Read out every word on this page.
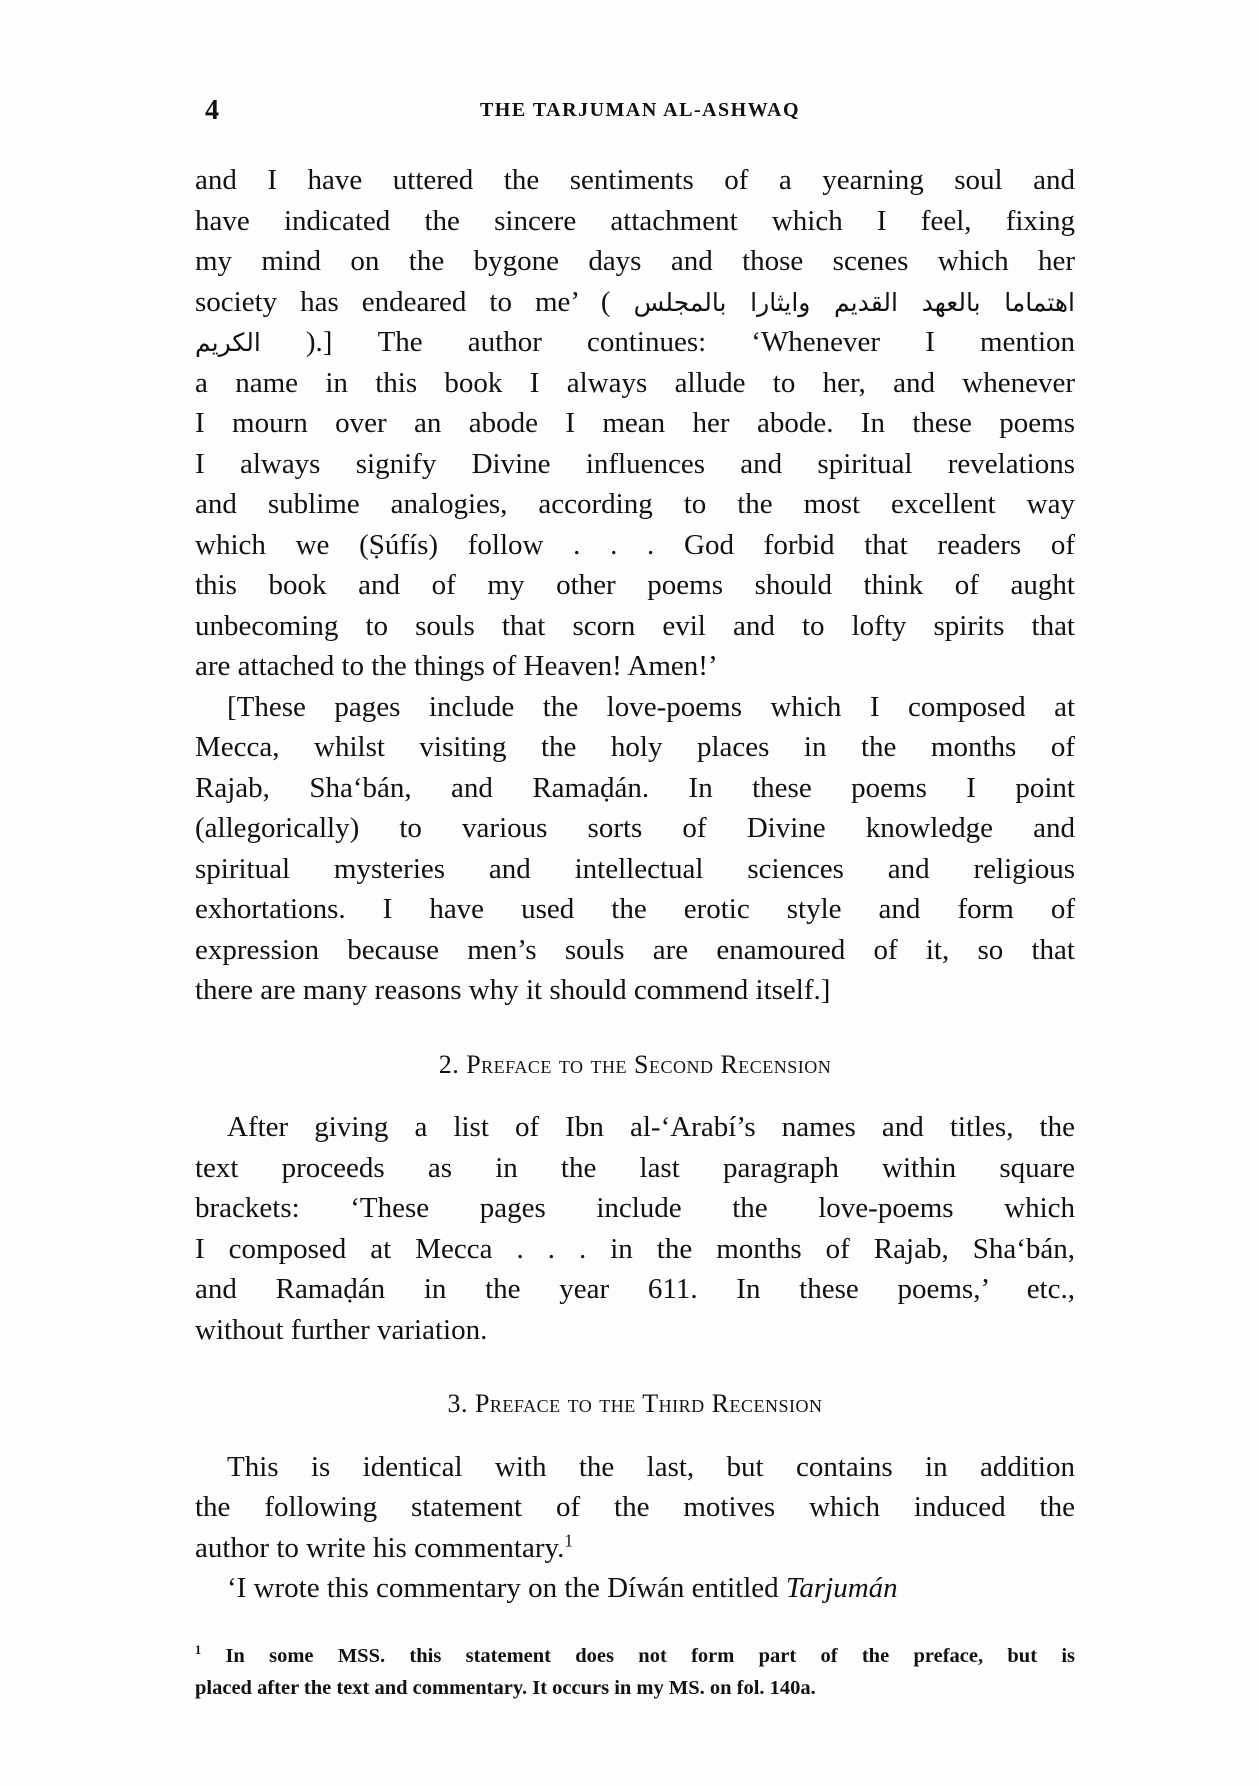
4	THE TARJUMAN AL-ASHWAQ
and I have uttered the sentiments of a yearning soul and
have indicated the sincere attachment which I feel, fixing
my mind on the bygone days and those scenes which her
society has endeared to me’ ( اهتماما بالعهد القديم وايثارا بالمجلس
الكريم ).] The author continues: ‘Whenever I mention
a name in this book I always allude to her, and whenever
I mourn over an abode I mean her abode. In these poems
I always signify Divine influences and spiritual revelations
and sublime analogies, according to the most excellent way
which we (Ṣúfís) follow . . . God forbid that readers of
this book and of my other poems should think of aught
unbecoming to souls that scorn evil and to lofty spirits that
are attached to the things of Heaven! Amen!’
[These pages include the love-poems which I composed at
Mecca, whilst visiting the holy places in the months of
Rajab, Sha‘bán, and Ramaḍán. In these poems I point
(allegorically) to various sorts of Divine knowledge and
spiritual mysteries and intellectual sciences and religious
exhortations. I have used the erotic style and form of
expression because men’s souls are enamoured of it, so that
there are many reasons why it should commend itself.]
2. Preface to the Second Recension
After giving a list of Ibn al-‘Arabí’s names and titles, the
text proceeds as in the last paragraph within square
brackets: ‘These pages include the love-poems which
I composed at Mecca . . . in the months of Rajab, Sha‘bán,
and Ramaḍán in the year 611. In these poems,’ etc.,
without further variation.
3. Preface to the Third Recension
This is identical with the last, but contains in addition
the following statement of the motives which induced the
author to write his commentary.$^1$
‘I wrote this commentary on the Díwán entitled Tarjumán
$^1$ In some MSS. this statement does not form part of the preface, but is
placed after the text and commentary. It occurs in my MS. on fol. 140a.
